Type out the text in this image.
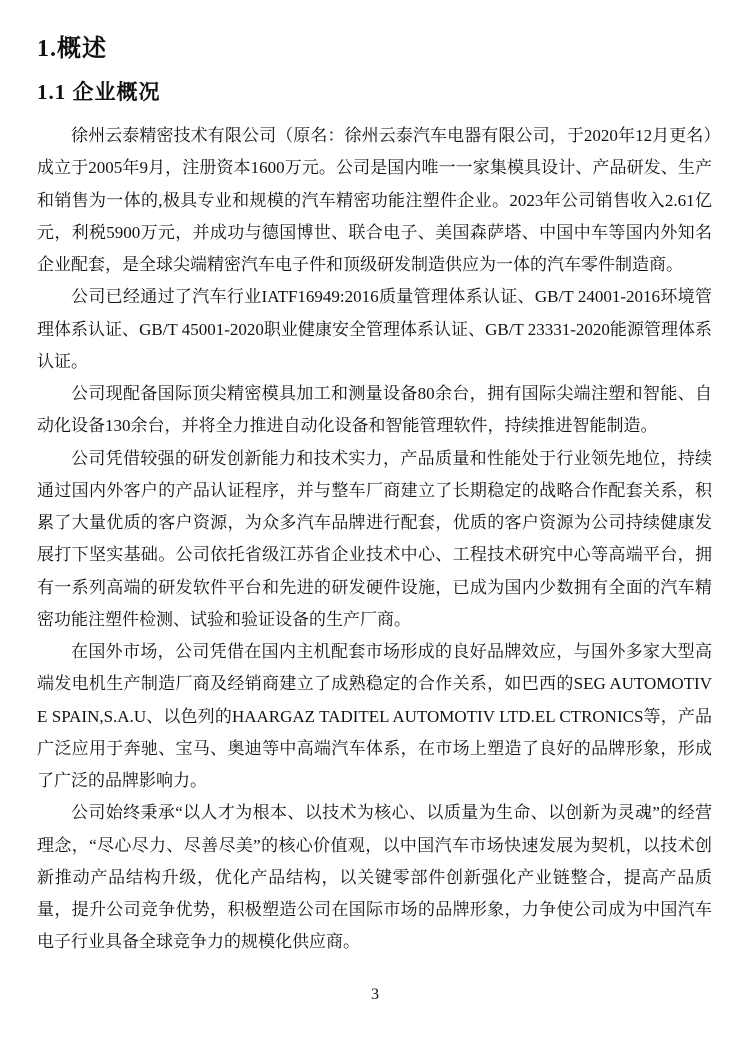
1.概述
1.1 企业概况

徐州云泰精密技术有限公司（原名：徐州云泰汽车电器有限公司，于2020年12月更名）成立于2005年9月，注册资本1600万元。公司是国内唯一一家集模具设计、产品研发、生产和销售为一体的,极具专业和规模的汽车精密功能注塑件企业。2023年公司销售收入2.61亿元，利税5900万元，并成功与德国博世、联合电子、美国森萨塔、中国中车等国内外知名企业配套，是全球尖端精密汽车电子件和顶级研发制造供应为一体的汽车零件制造商。

公司已经通过了汽车行业IATF16949:2016质量管理体系认证、GB/T 24001-2016环境管理体系认证、GB/T 45001-2020职业健康安全管理体系认证、GB/T 23331-2020能源管理体系认证。

公司现配备国际顶尖精密模具加工和测量设备80余台，拥有国际尖端注塑和智能、自动化设备130余台，并将全力推进自动化设备和智能管理软件，持续推进智能制造。

公司凭借较强的研发创新能力和技术实力，产品质量和性能处于行业领先地位，持续通过国内外客户的产品认证程序，并与整车厂商建立了长期稳定的战略合作配套关系，积累了大量优质的客户资源，为众多汽车品牌进行配套，优质的客户资源为公司持续健康发展打下坚实基础。公司依托省级江苏省企业技术中心、工程技术研究中心等高端平台，拥有一系列高端的研发软件平台和先进的研发硬件设施，已成为国内少数拥有全面的汽车精密功能注塑件检测、试验和验证设备的生产厂商。

在国外市场，公司凭借在国内主机配套市场形成的良好品牌效应，与国外多家大型高端发电机生产制造厂商及经销商建立了成熟稳定的合作关系，如巴西的SEG AUTOMOTIVE SPAIN,S.A.U、以色列的HAARGAZ TADITEL AUTOMOTIV LTD.EL CTRONICS等，产品广泛应用于奔驰、宝马、奥迪等中高端汽车体系，在市场上塑造了良好的品牌形象，形成了广泛的品牌影响力。

公司始终秉承“以人才为根本、以技术为核心、以质量为生命、以创新为灵魂”的经营理念，“尽心尽力、尽善尽美”的核心价值观，以中国汽车市场快速发展为契机，以技术创新推动产品结构升级，优化产品结构，以关键零部件创新强化产业链整合，提高产品质量，提升公司竞争优势，积极塑造公司在国际市场的品牌形象，力争使公司成为中国汽车电子行业具备全球竞争力的规模化供应商。

3
